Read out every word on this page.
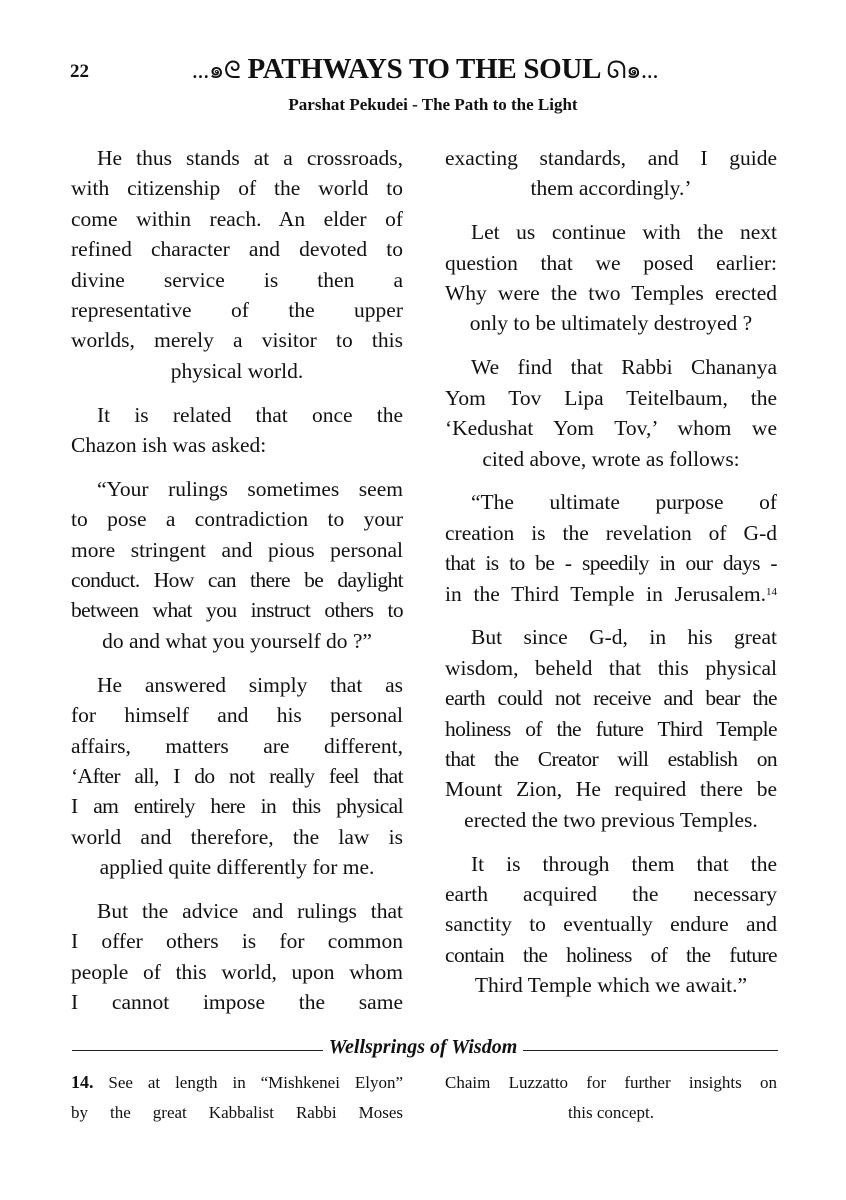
22	...๑ᘓ PATHWAYS TO THE SOUL ᘏ๑...
Parshat Pekudei - The Path to the Light
He thus stands at a crossroads,
with citizenship of the world to
come within reach. An elder of
refined character and devoted to
divine service is then a
representative of the upper
worlds, merely a visitor to this
physical world.
It is related that once the
Chazon ish was asked:
“Your rulings sometimes seem
to pose a contradiction to your
more stringent and pious personal
conduct. How can there be daylight
between what you instruct others to
do and what you yourself do ?”
He answered simply that as
for himself and his personal
affairs, matters are different,
‘After all, I do not really feel that
I am entirely here in this physical
world and therefore, the law is
applied quite differently for me.
But the advice and rulings that
I offer others is for common
people of this world, upon whom
I cannot impose the same
exacting standards, and I guide
them accordingly.’
Let us continue with the next
question that we posed earlier:
Why were the two Temples erected
only to be ultimately destroyed ?
We find that Rabbi Chananya
Yom Tov Lipa Teitelbaum, the
‘Kedushat Yom Tov,’ whom we
cited above, wrote as follows:
“The ultimate purpose of
creation is the revelation of G-d
that is to be - speedily in our days -
in the Third Temple in Jerusalem.$^{14}$
But since G-d, in his great
wisdom, beheld that this physical
earth could not receive and bear the
holiness of the future Third Temple
that the Creator will establish on
Mount Zion, He required there be
erected the two previous Temples.
It is through them that the
earth acquired the necessary
sanctity to eventually endure and
contain the holiness of the future
Third Temple which we await.”
Wellsprings of Wisdom
14. See at length in “Mishkenei Elyon”
by the great Kabbalist Rabbi Moses
Chaim Luzzatto for further insights on
this concept.
